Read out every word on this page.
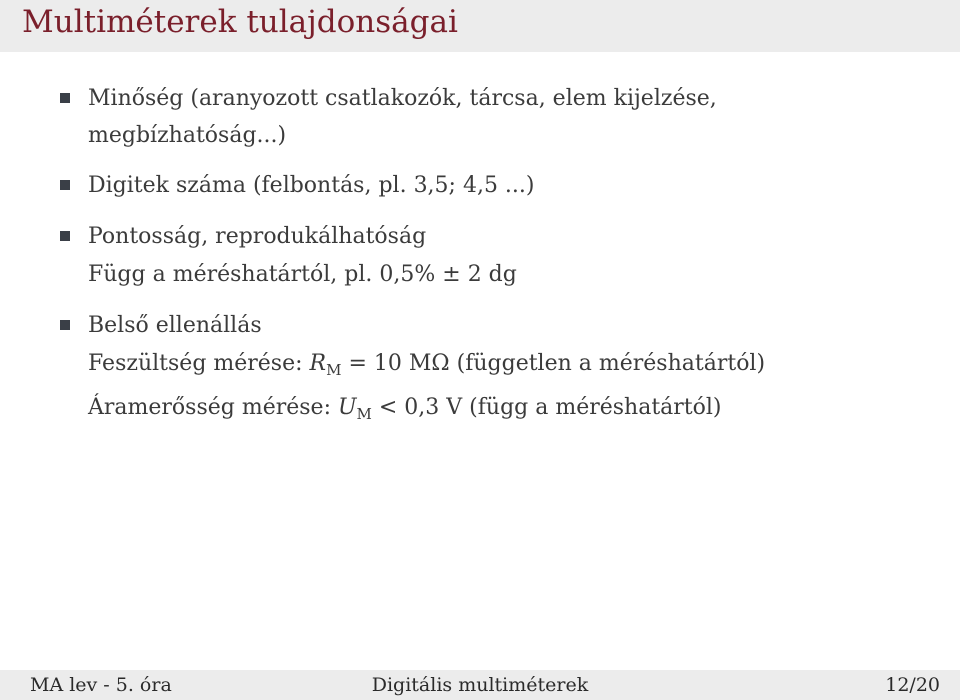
Multiméterek tulajdonságai
Minőség (aranyozott csatlakozók, tárcsa, elem kijelzése,
megbízhatóság...)
Digitek száma (felbontás, pl. 3,5; 4,5 ...)
Pontosság, reprodukálhatóság
Függ a méréshatártól, pl. 0,5% ± 2 dg
Belső ellenállás
Feszültség mérése: $R_M = 10$ MΩ (független a méréshatártól)
Áramerősség mérése: $U_M < 0,3$ V (függ a méréshatártól)
Digitális multiméterek
MA lev - 5. óra	12/20
